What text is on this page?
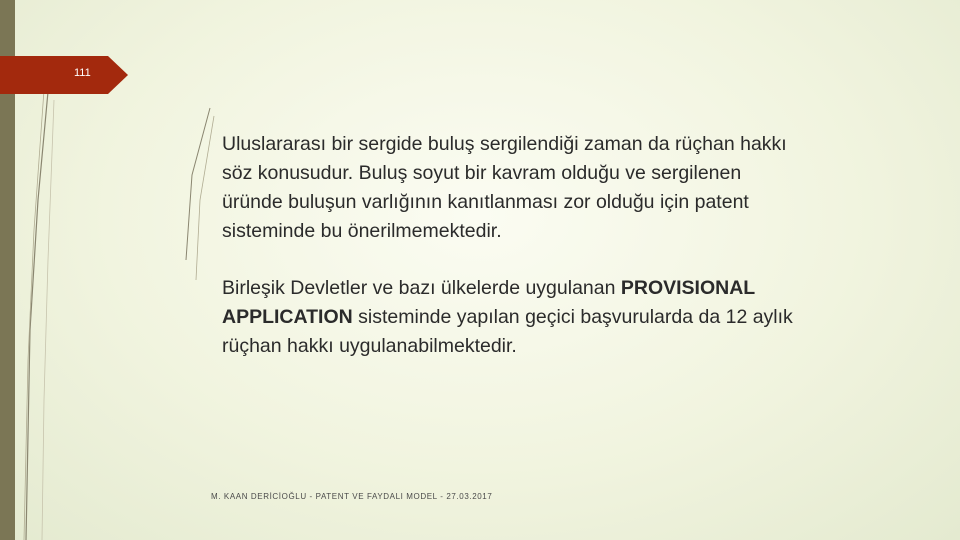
111

Uluslararası bir sergide buluş sergilendiği zaman da rüçhan hakkı söz konusudur. Buluş soyut bir kavram olduğu ve sergilenen üründe buluşun varlığının kanıtlanması zor olduğu için patent sisteminde bu önerilmemektedir.

Birleşik Devletler ve bazı ülkelerde uygulanan PROVISIONAL APPLICATION sisteminde yapılan geçici başvurularda da 12 aylık rüçhan hakkı uygulanabilmektedir.

M. KAAN DERİCİOĞLU - PATENT VE FAYDALI MODEL - 27.03.2017
